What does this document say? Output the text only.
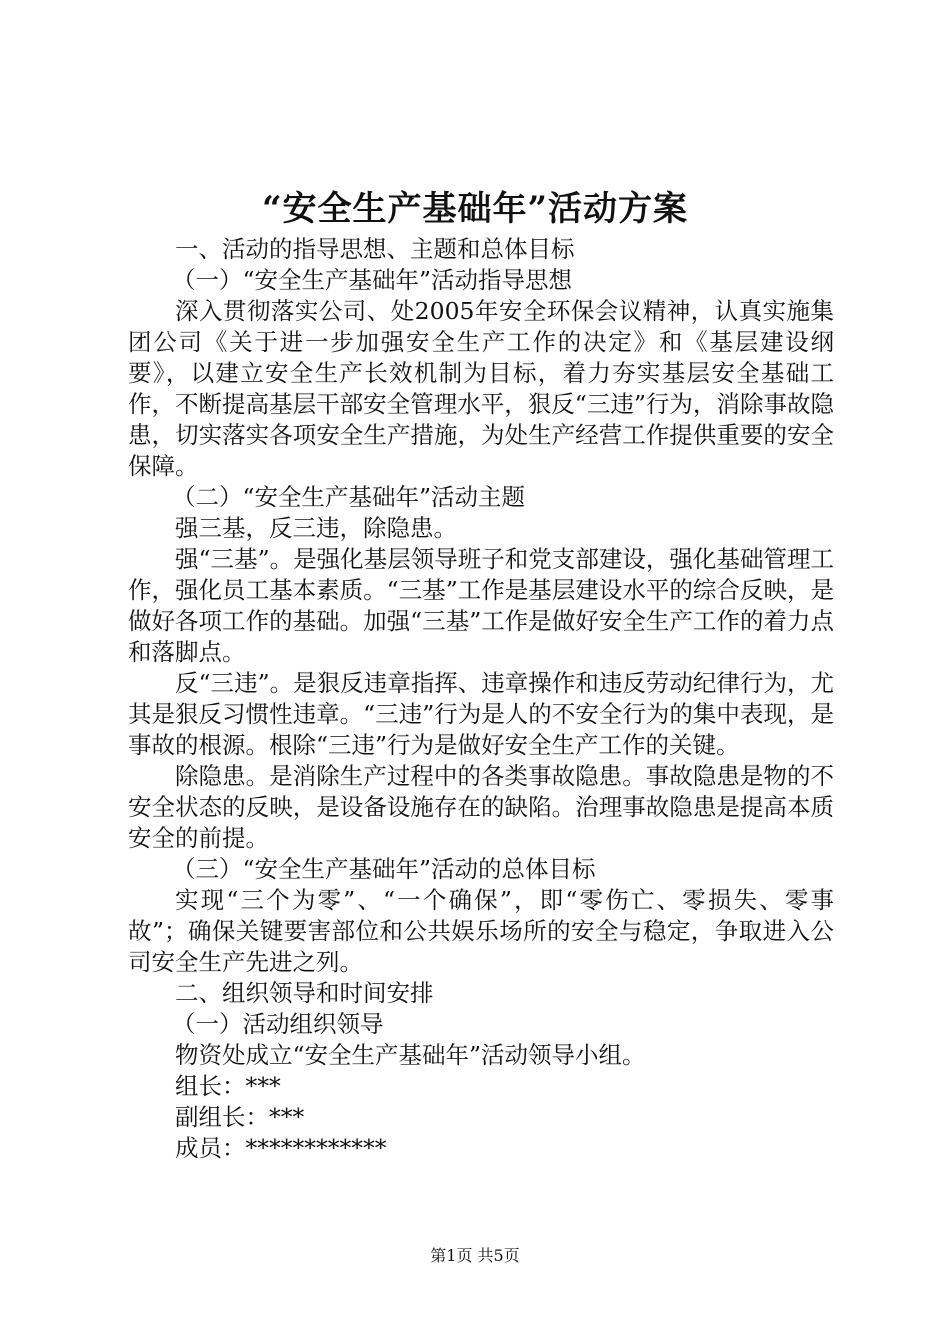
“安全生产基础年”活动方案

一、活动的指导思想、主题和总体目标

（一）“安全生产基础年”活动指导思想

深入贯彻落实公司、处2005年安全环保会议精神，认真实施集团公司《关于进一步加强安全生产工作的决定》和《基层建设纲要》，以建立安全生产长效机制为目标，着力夯实基层安全基础工作，不断提高基层干部安全管理水平，狠反“三违”行为，消除事故隐患，切实落实各项安全生产措施，为处生产经营工作提供重要的安全保障。

（二）“安全生产基础年”活动主题

强三基，反三违，除隐患。

强“三基”。是强化基层领导班子和党支部建设，强化基础管理工作，强化员工基本素质。“三基”工作是基层建设水平的综合反映，是做好各项工作的基础。加强“三基”工作是做好安全生产工作的着力点和落脚点。

反“三违”。是狠反违章指挥、违章操作和违反劳动纪律行为，尤其是狠反习惯性违章。“三违”行为是人的不安全行为的集中表现，是事故的根源。根除“三违”行为是做好安全生产工作的关键。

除隐患。是消除生产过程中的各类事故隐患。事故隐患是物的不安全状态的反映，是设备设施存在的缺陷。治理事故隐患是提高本质安全的前提。

（三）“安全生产基础年”活动的总体目标

实现“三个为零”、“一个确保”，即“零伤亡、零损失、零事故”；确保关键要害部位和公共娱乐场所的安全与稳定，争取进入公司安全生产先进之列。

二、组织领导和时间安排

（一）活动组织领导

物资处成立“安全生产基础年”活动领导小组。

组长：***

副组长：***

成员：************

第1页 共5页
